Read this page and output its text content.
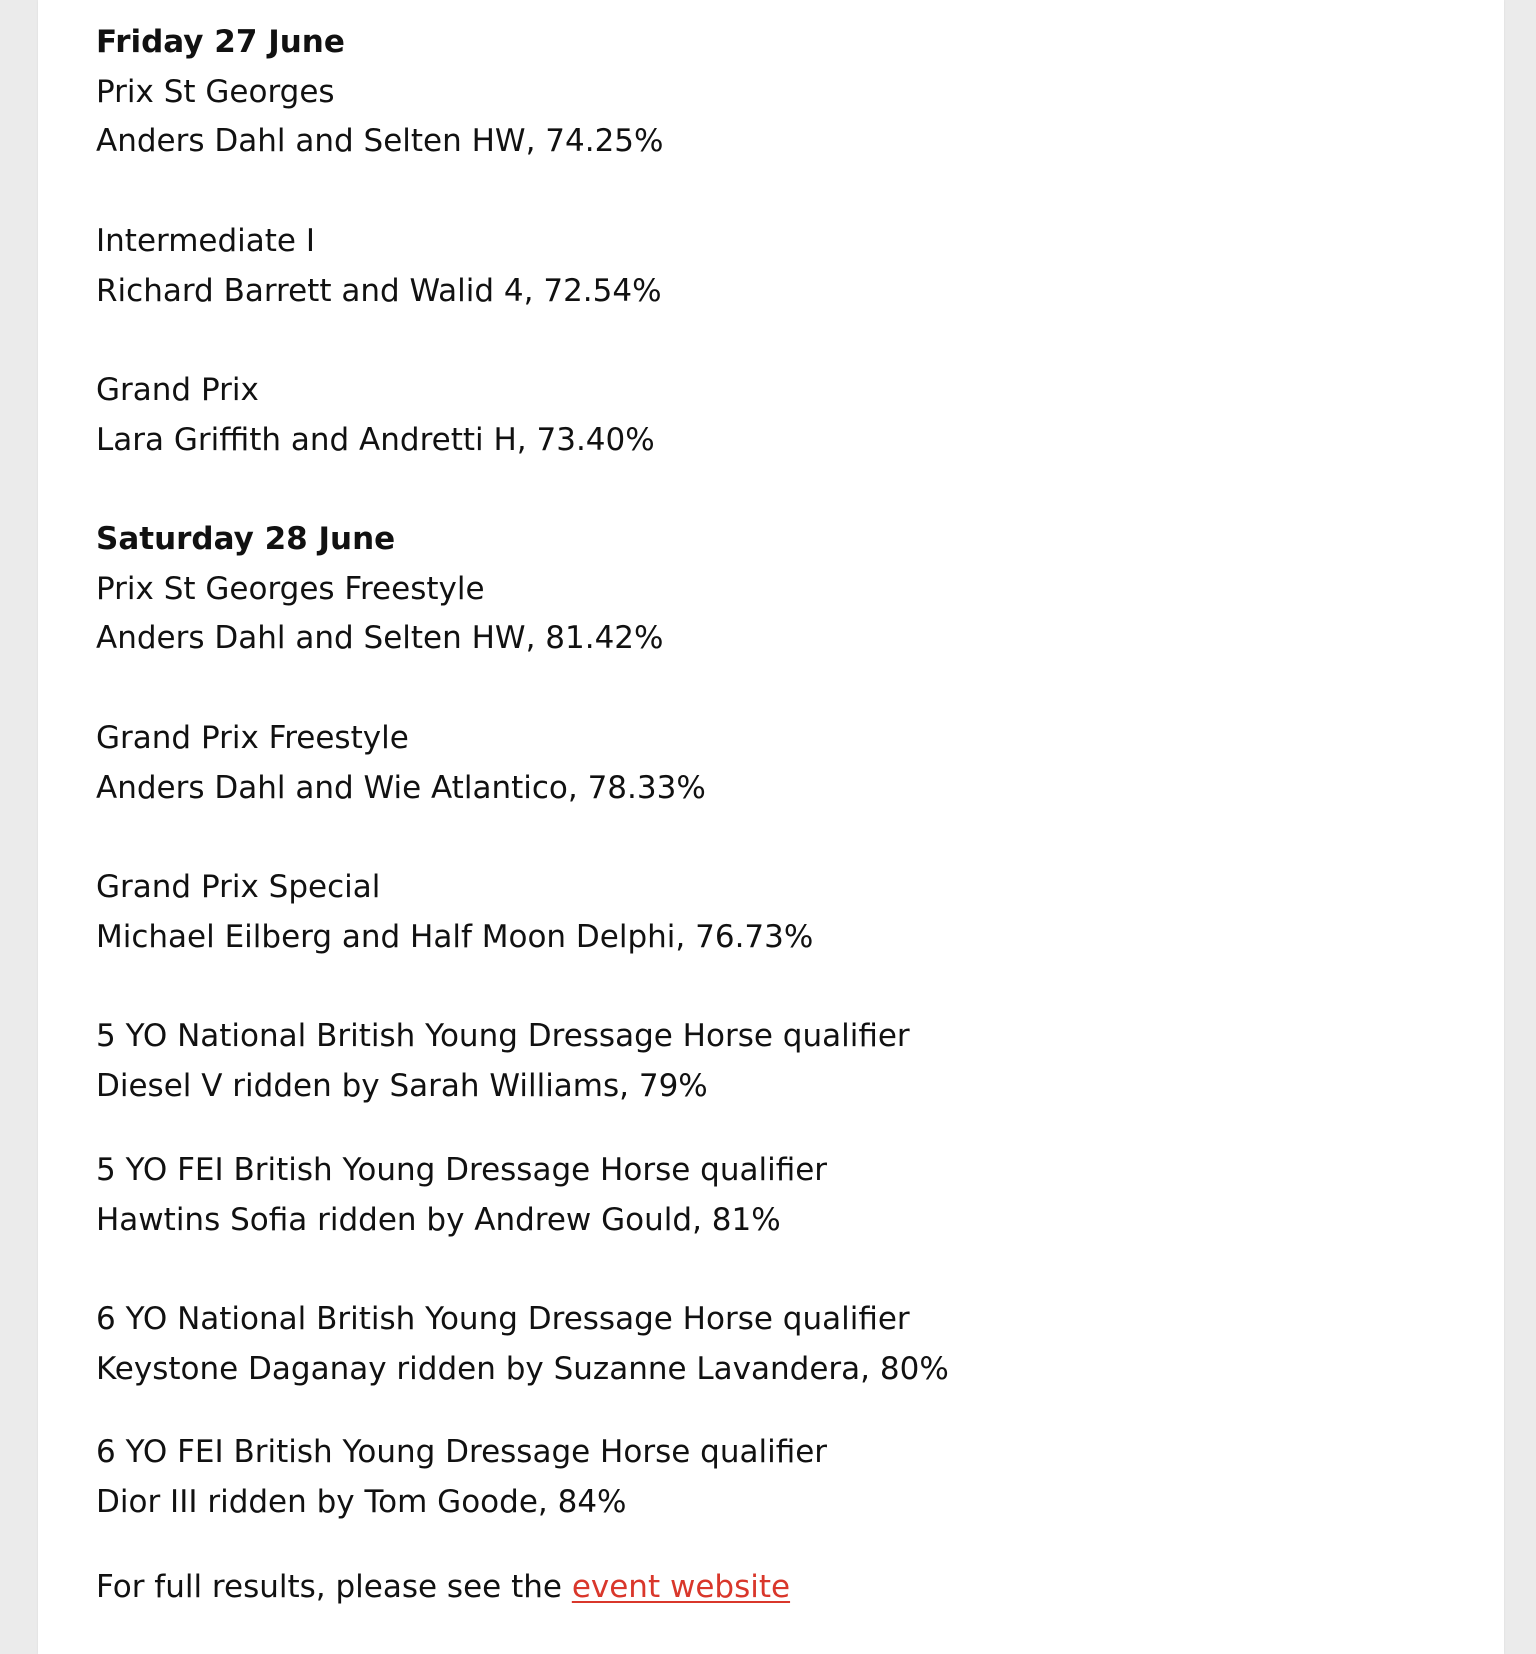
Friday 27 June
Prix St Georges
Anders Dahl and Selten HW, 74.25%

Intermediate I
Richard Barrett and Walid 4, 72.54%

Grand Prix
Lara Griffith and Andretti H, 73.40%

Saturday 28 June
Prix St Georges Freestyle
Anders Dahl and Selten HW, 81.42%

Grand Prix Freestyle
Anders Dahl and Wie Atlantico, 78.33%

Grand Prix Special
Michael Eilberg and Half Moon Delphi, 76.73%

5 YO National British Young Dressage Horse qualifier
Diesel V ridden by Sarah Williams, 79%

5 YO FEI British Young Dressage Horse qualifier
Hawtins Sofia ridden by Andrew Gould, 81%

6 YO National British Young Dressage Horse qualifier
Keystone Daganay ridden by Suzanne Lavandera, 80%

6 YO FEI British Young Dressage Horse qualifier
Dior III ridden by Tom Goode, 84%

For full results, please see the event website
